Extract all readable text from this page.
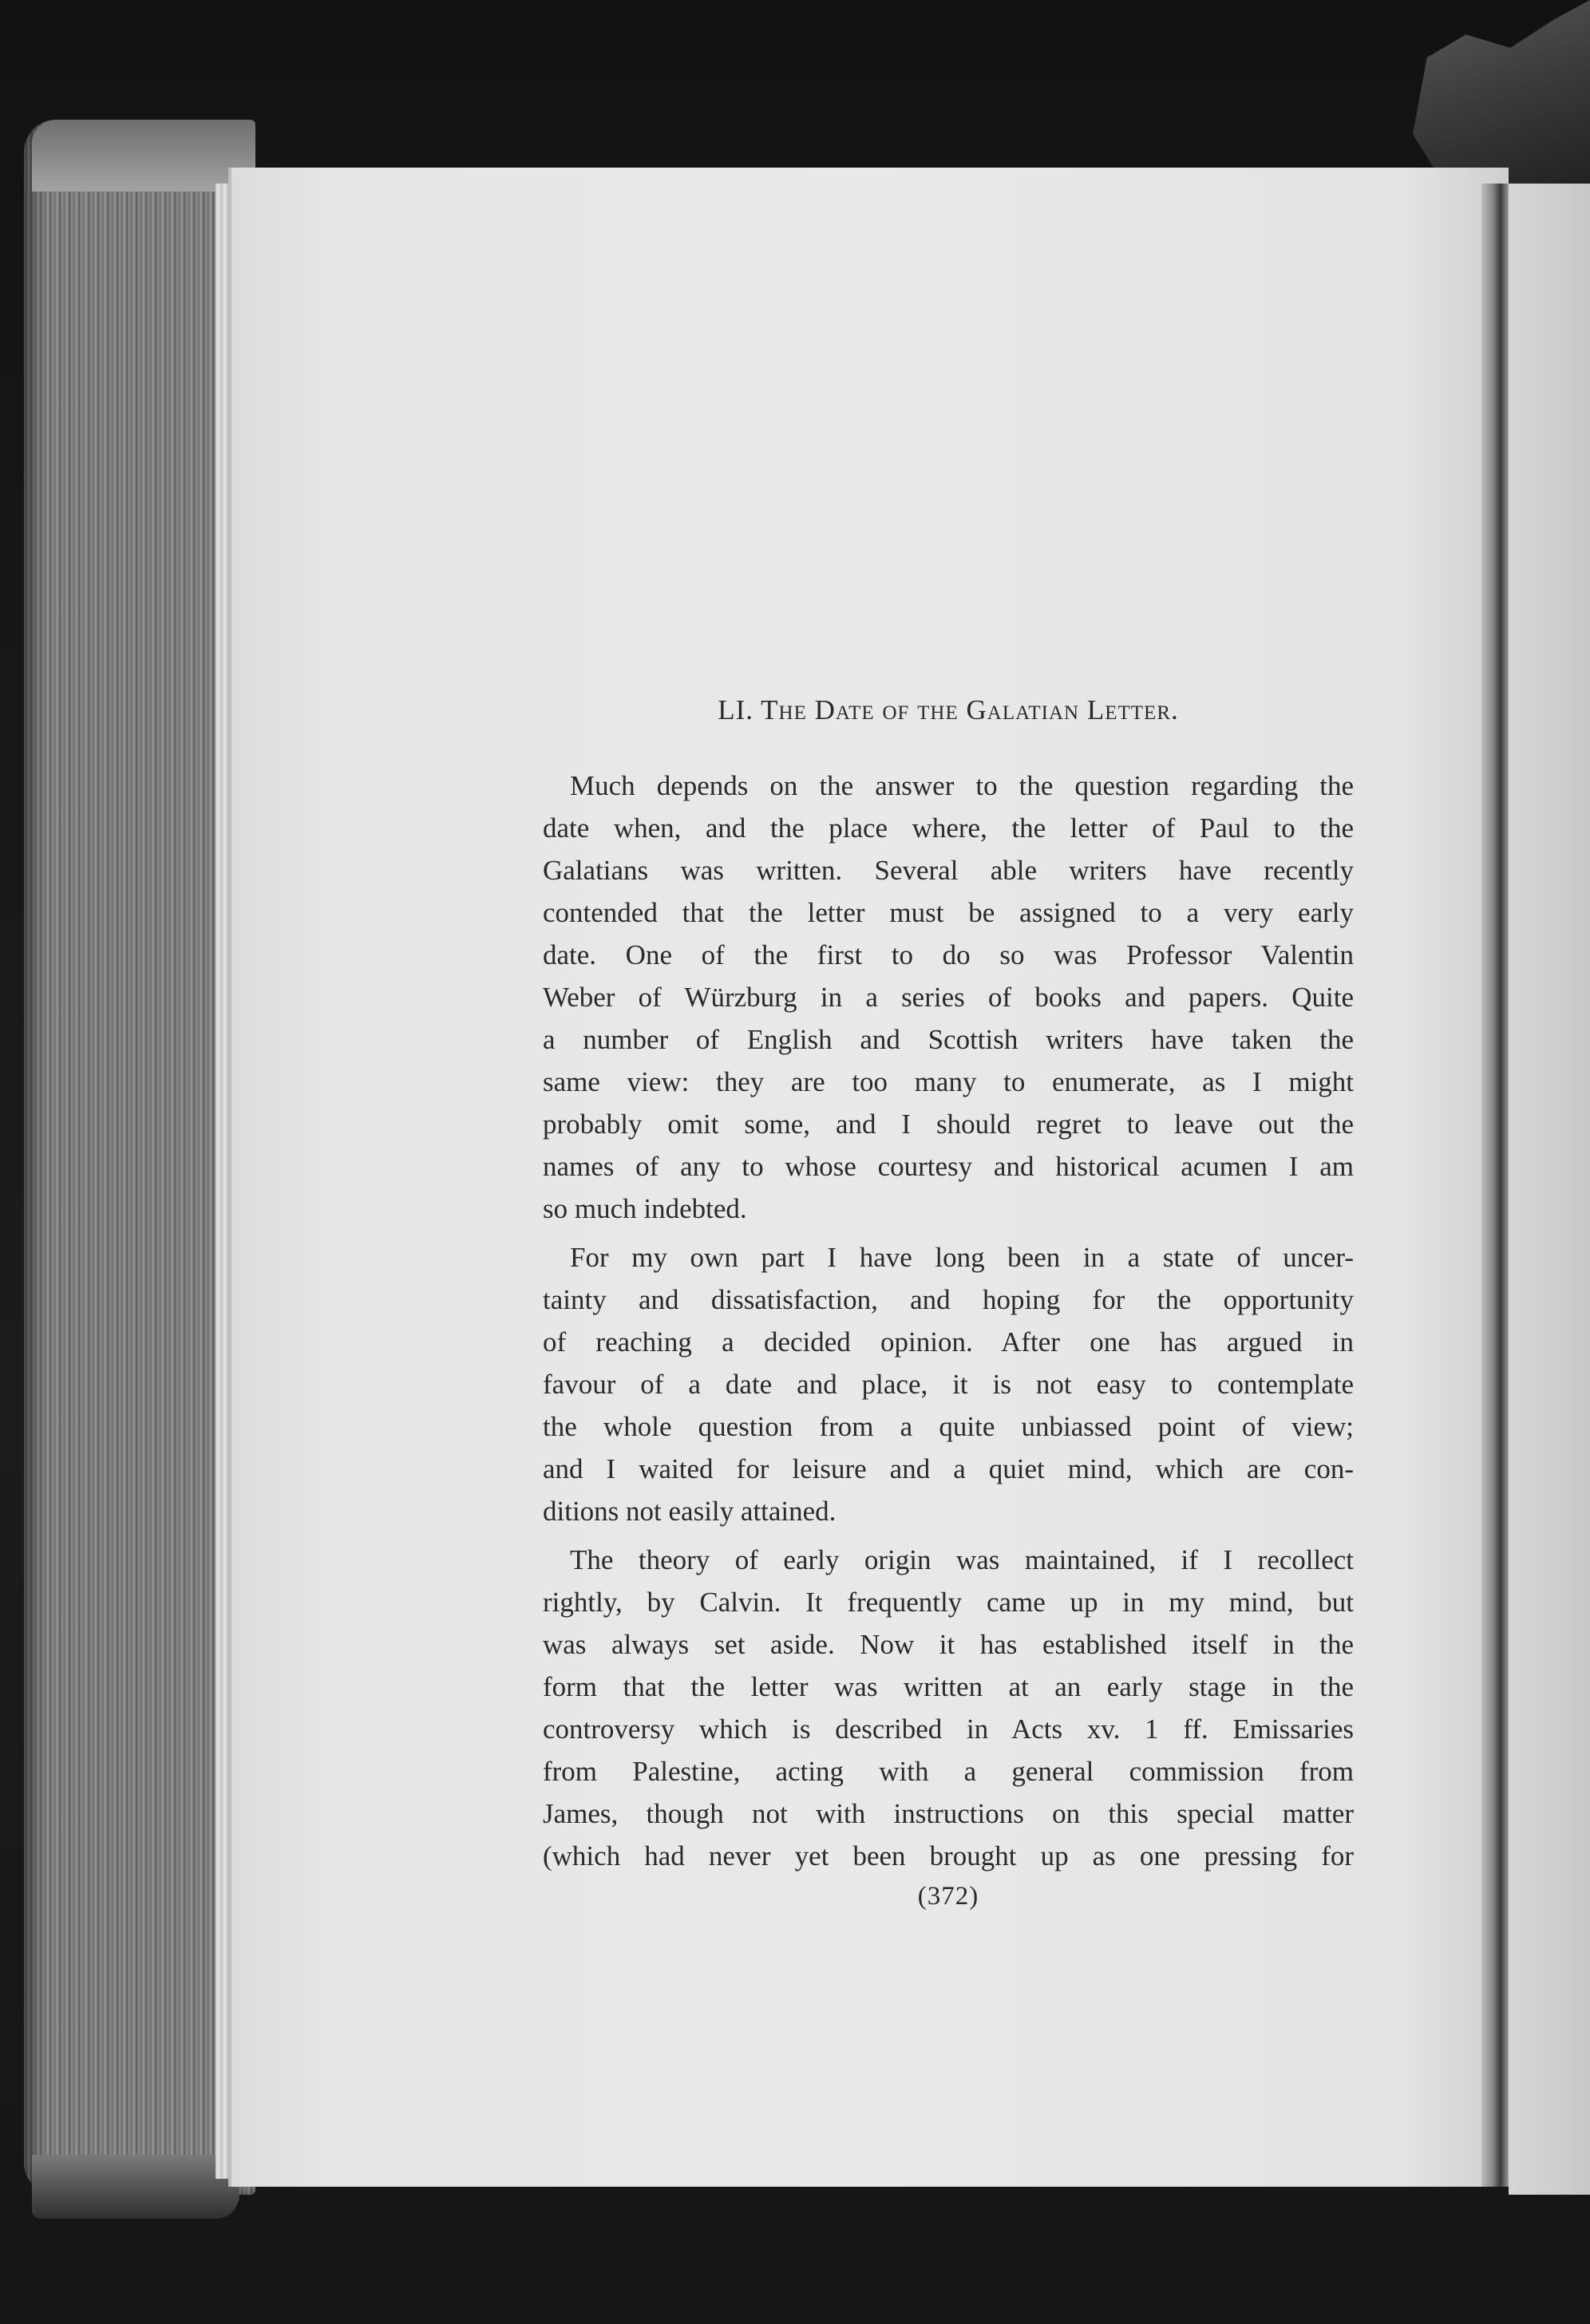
LI. The Date of the Galatian Letter.
Much depends on the answer to the question regarding the
date when, and the place where, the letter of Paul to the
Galatians was written. Several able writers have recently
contended that the letter must be assigned to a very early
date. One of the first to do so was Professor Valentin
Weber of Würzburg in a series of books and papers. Quite
a number of English and Scottish writers have taken the
same view: they are too many to enumerate, as I might
probably omit some, and I should regret to leave out the
names of any to whose courtesy and historical acumen I am
so much indebted.
For my own part I have long been in a state of uncer-
tainty and dissatisfaction, and hoping for the opportunity
of reaching a decided opinion. After one has argued in
favour of a date and place, it is not easy to contemplate
the whole question from a quite unbiassed point of view;
and I waited for leisure and a quiet mind, which are con-
ditions not easily attained.
The theory of early origin was maintained, if I recollect
rightly, by Calvin. It frequently came up in my mind, but
was always set aside. Now it has established itself in the
form that the letter was written at an early stage in the
controversy which is described in Acts xv. 1 ff. Emissaries
from Palestine, acting with a general commission from
James, though not with instructions on this special matter
(which had never yet been brought up as one pressing for
(372)
